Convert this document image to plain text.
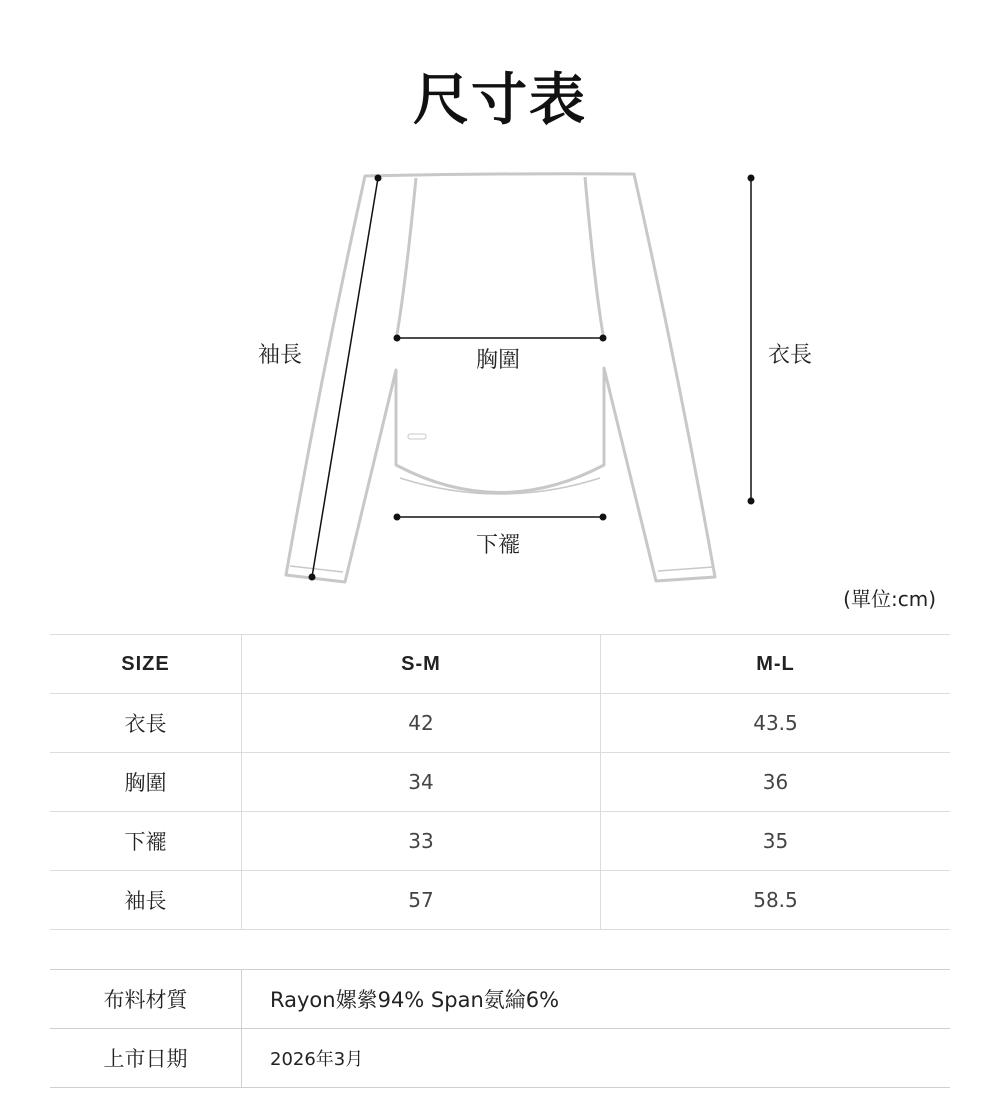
尺寸表
袖長	胸圍	衣長
下襬
(單位:cm)
SIZE	S-M	M-L
衣長	42	43.5
胸圍	34	36
下襬	33	35
袖長	57	58.5
布料材質	Rayon嫘縈94% Span氨綸6%
上市日期	2026年3月
